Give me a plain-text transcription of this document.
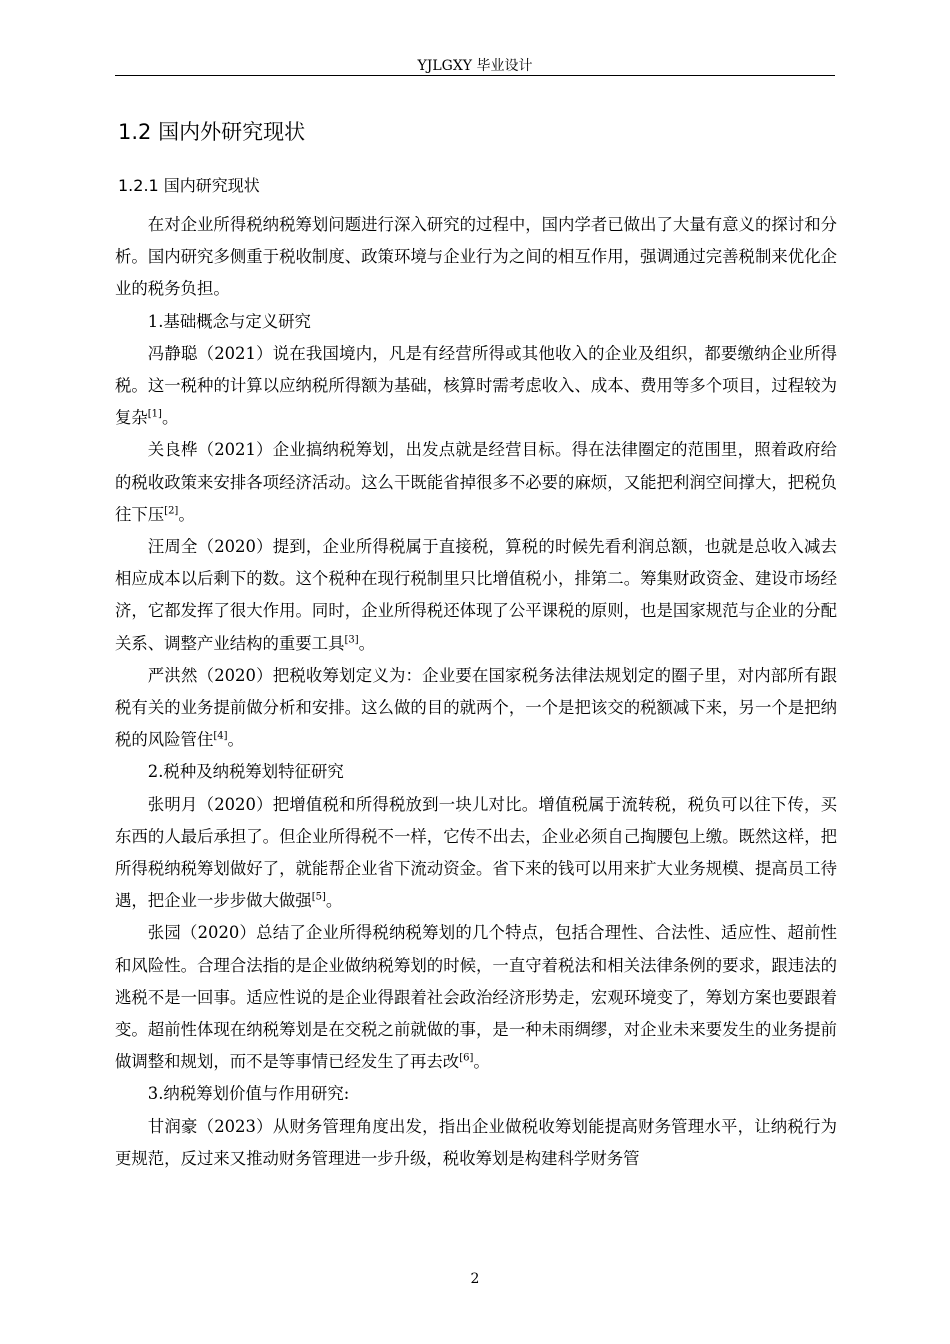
YJLGXY 毕业设计
1.2 国内外研究现状
1.2.1 国内研究现状

在对企业所得税纳税筹划问题进行深入研究的过程中，国内学者已做出了大量有意义的探讨和分析。国内研究多侧重于税收制度、政策环境与企业行为之间的相互作用，强调通过完善税制来优化企业的税务负担。

1.基础概念与定义研究

冯静聪（2021）说在我国境内，凡是有经营所得或其他收入的企业及组织，都要缴纳企业所得税。这一税种的计算以应纳税所得额为基础，核算时需考虑收入、成本、费用等多个项目，过程较为复杂[1]。

关良桦（2021）企业搞纳税筹划，出发点就是经营目标。得在法律圈定的范围里，照着政府给的税收政策来安排各项经济活动。这么干既能省掉很多不必要的麻烦，又能把利润空间撑大，把税负往下压[2]。

汪周全（2020）提到，企业所得税属于直接税，算税的时候先看利润总额，也就是总收入减去相应成本以后剩下的数。这个税种在现行税制里只比增值税小，排第二。筹集财政资金、建设市场经济，它都发挥了很大作用。同时，企业所得税还体现了公平课税的原则，也是国家规范与企业的分配关系、调整产业结构的重要工具[3]。

严洪然（2020）把税收筹划定义为：企业要在国家税务法律法规划定的圈子里，对内部所有跟税有关的业务提前做分析和安排。这么做的目的就两个，一个是把该交的税额减下来，另一个是把纳税的风险管住[4]。

2.税种及纳税筹划特征研究

张明月（2020）把增值税和所得税放到一块儿对比。增值税属于流转税，税负可以往下传，买东西的人最后承担了。但企业所得税不一样，它传不出去，企业必须自己掏腰包上缴。既然这样，把所得税纳税筹划做好了，就能帮企业省下流动资金。省下来的钱可以用来扩大业务规模、提高员工待遇，把企业一步步做大做强[5]。

张园（2020）总结了企业所得税纳税筹划的几个特点，包括合理性、合法性、适应性、超前性和风险性。合理合法指的是企业做纳税筹划的时候，一直守着税法和相关法律条例的要求，跟违法的逃税不是一回事。适应性说的是企业得跟着社会政治经济形势走，宏观环境变了，筹划方案也要跟着变。超前性体现在纳税筹划是在交税之前就做的事，是一种未雨绸缪，对企业未来要发生的业务提前做调整和规划，而不是等事情已经发生了再去改[6]。

3.纳税筹划价值与作用研究:

甘润豪（2023）从财务管理角度出发，指出企业做税收筹划能提高财务管理水平，让纳税行为更规范，反过来又推动财务管理进一步升级，税收筹划是构建科学财务管

2
